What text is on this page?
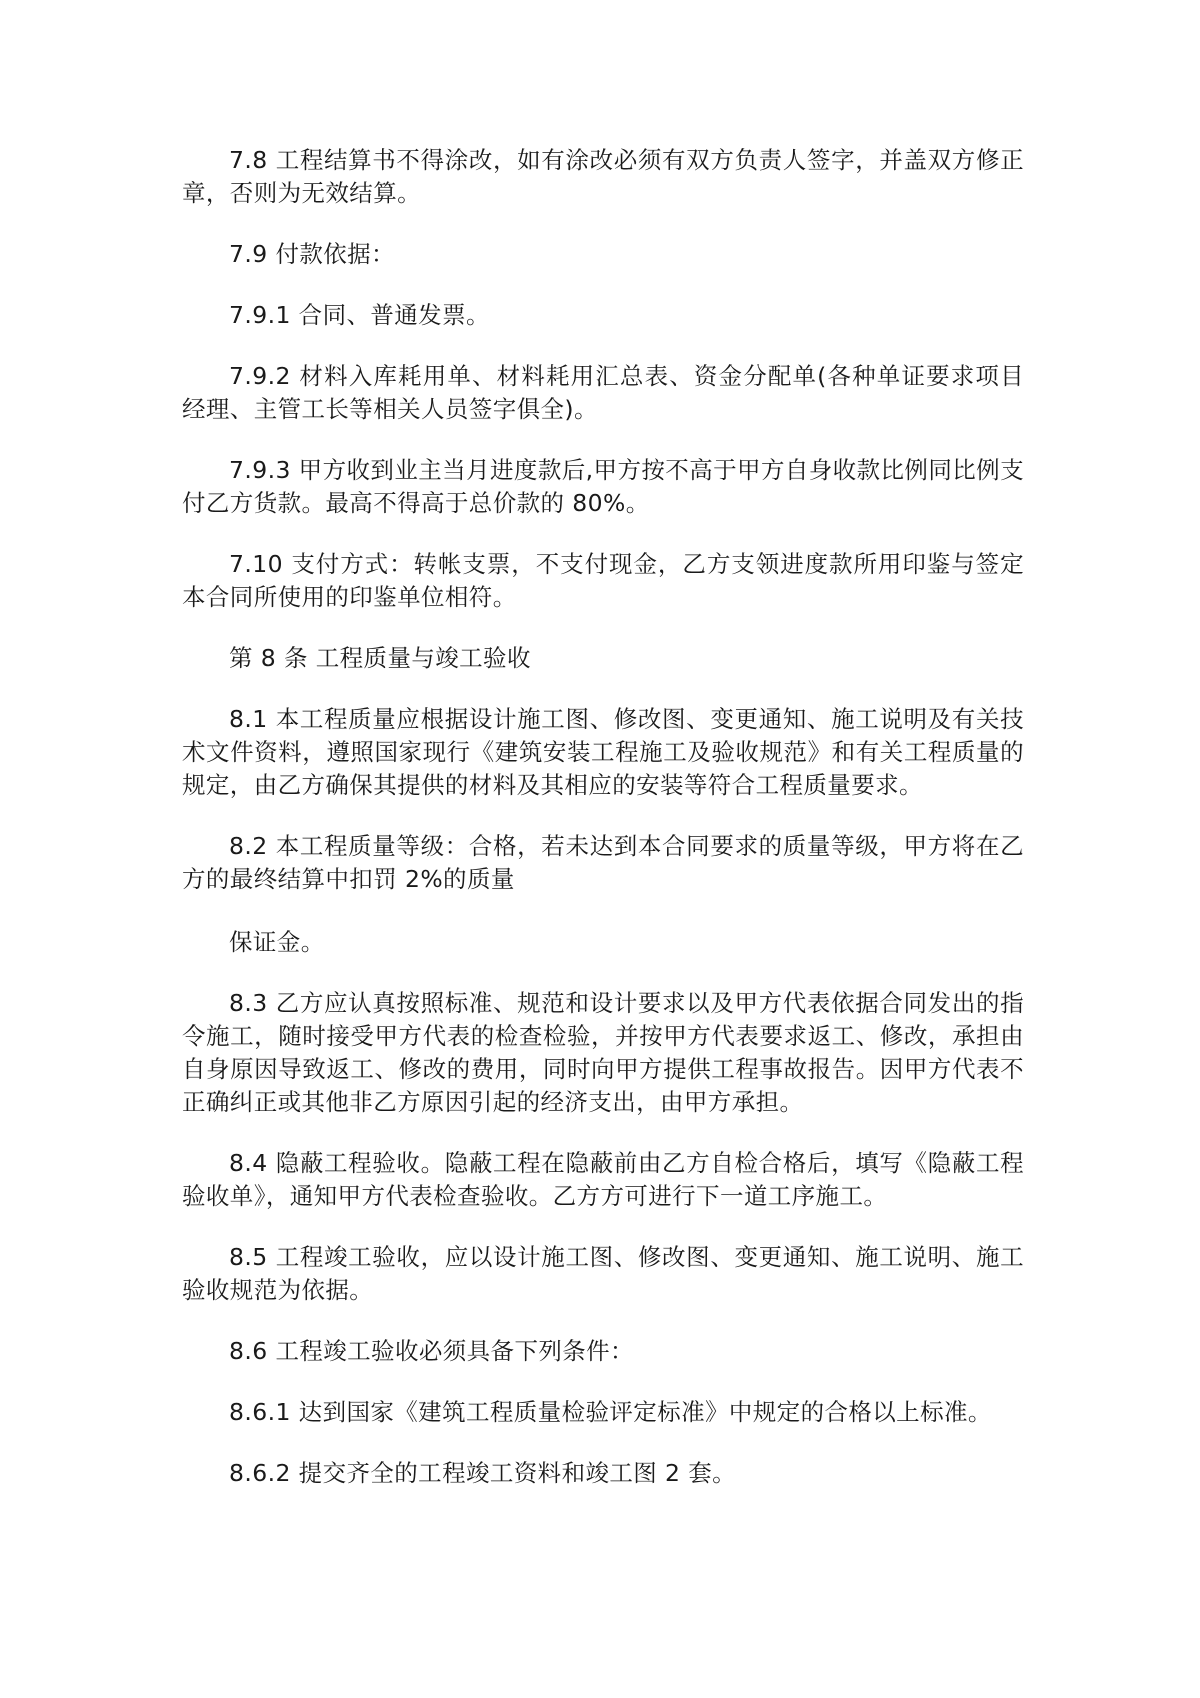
7.8 工程结算书不得涂改，如有涂改必须有双方负责人签字，并盖双方修正章，否则为无效结算。

7.9 付款依据：

7.9.1 合同、普通发票。

7.9.2 材料入库耗用单、材料耗用汇总表、资金分配单(各种单证要求项目经理、主管工长等相关人员签字俱全)。

7.9.3 甲方收到业主当月进度款后,甲方按不高于甲方自身收款比例同比例支付乙方货款。最高不得高于总价款的 80%。

7.10 支付方式：转帐支票，不支付现金，乙方支领进度款所用印鉴与签定本合同所使用的印鉴单位相符。

第 8 条 工程质量与竣工验收

8.1 本工程质量应根据设计施工图、修改图、变更通知、施工说明及有关技术文件资料，遵照国家现行《建筑安装工程施工及验收规范》和有关工程质量的规定，由乙方确保其提供的材料及其相应的安装等符合工程质量要求。

8.2 本工程质量等级：合格，若未达到本合同要求的质量等级，甲方将在乙方的最终结算中扣罚 2%的质量

保证金。

8.3 乙方应认真按照标准、规范和设计要求以及甲方代表依据合同发出的指令施工，随时接受甲方代表的检查检验，并按甲方代表要求返工、修改，承担由自身原因导致返工、修改的费用，同时向甲方提供工程事故报告。因甲方代表不正确纠正或其他非乙方原因引起的经济支出，由甲方承担。

8.4 隐蔽工程验收。隐蔽工程在隐蔽前由乙方自检合格后，填写《隐蔽工程验收单》，通知甲方代表检查验收。乙方方可进行下一道工序施工。

8.5 工程竣工验收，应以设计施工图、修改图、变更通知、施工说明、施工验收规范为依据。

8.6 工程竣工验收必须具备下列条件：

8.6.1 达到国家《建筑工程质量检验评定标准》中规定的合格以上标准。

8.6.2 提交齐全的工程竣工资料和竣工图 2 套。
